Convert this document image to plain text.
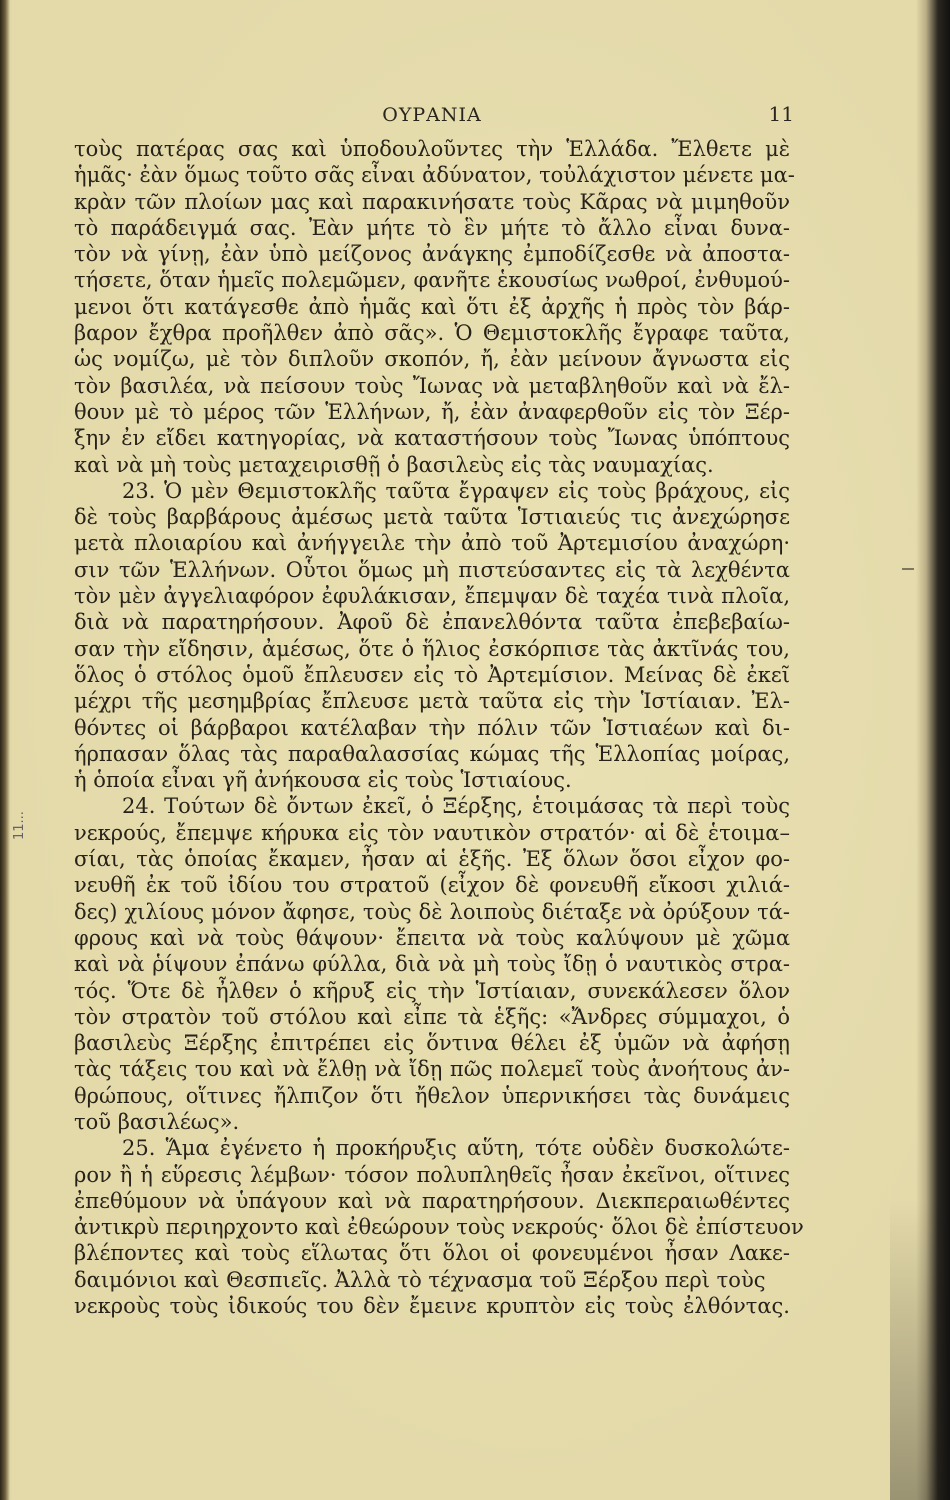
ΟΥΡΑΝΙΑ	11
τοὺς πατέρας σας καὶ ὑποδουλοῦντες τὴν Ἑλλάδα. Ἔλθετε μὲ
ἡμᾶς· ἐὰν ὅμως τοῦτο σᾶς εἶναι ἀδύνατον, τοὐλάχιστον μένετε μα-
κρὰν τῶν πλοίων μας καὶ παρακινήσατε τοὺς Κᾶρας νὰ μιμηθοῦν
τὸ παράδειγμά σας. Ἐὰν μήτε τὸ ἓν μήτε τὸ ἄλλο εἶναι δυνα-
τὸν νὰ γίνῃ, ἐὰν ὑπὸ μείζονος ἀνάγκης ἐμποδίζεσθε νὰ ἀποστα-
τήσετε, ὅταν ἡμεῖς πολεμῶμεν, φανῆτε ἑκουσίως νωθροί, ἐνθυμού-
μενοι ὅτι κατάγεσθε ἀπὸ ἡμᾶς καὶ ὅτι ἐξ ἀρχῆς ἡ πρὸς τὸν βάρ-
βαρον ἔχθρα προῆλθεν ἀπὸ σᾶς». Ὁ Θεμιστοκλῆς ἔγραφε ταῦτα,
ὡς νομίζω, μὲ τὸν διπλοῦν σκοπόν, ἤ, ἐὰν μείνουν ἄγνωστα εἰς
τὸν βασιλέα, νὰ πείσουν τοὺς Ἴωνας νὰ μεταβληθοῦν καὶ νὰ ἔλ-
θουν μὲ τὸ μέρος τῶν Ἑλλήνων, ἤ, ἐὰν ἀναφερθοῦν εἰς τὸν Ξέρ-
ξην ἐν εἴδει κατηγορίας, νὰ καταστήσουν τοὺς Ἴωνας ὑπόπτους
καὶ νὰ μὴ τοὺς μεταχειρισθῇ ὁ βασιλεὺς εἰς τὰς ναυμαχίας.
23. Ὁ μὲν Θεμιστοκλῆς ταῦτα ἔγραψεν εἰς τοὺς βράχους, εἰς
δὲ τοὺς βαρβάρους ἀμέσως μετὰ ταῦτα Ἱστιαιεύς τις ἀνεχώρησε
μετὰ πλοιαρίου καὶ ἀνήγγειλε τὴν ἀπὸ τοῦ Ἀρτεμισίου ἀναχώρη·
σιν τῶν Ἑλλήνων. Οὗτοι ὅμως μὴ πιστεύσαντες εἰς τὰ λεχθέντα
τὸν μὲν ἀγγελιαφόρον ἐφυλάκισαν, ἔπεμψαν δὲ ταχέα τινὰ πλοῖα,
διὰ νὰ παρατηρήσουν. Ἀφοῦ δὲ ἐπανελθόντα ταῦτα ἐπεβεβαίω-
σαν τὴν εἴδησιν, ἀμέσως, ὅτε ὁ ἥλιος ἐσκόρπισε τὰς ἀκτῖνάς του,
ὅλος ὁ στόλος ὁμοῦ ἔπλευσεν εἰς τὸ Ἀρτεμίσιον. Μείνας δὲ ἐκεῖ
μέχρι τῆς μεσημβρίας ἔπλευσε μετὰ ταῦτα εἰς τὴν Ἱστίαιαν. Ἐλ-
θόντες οἱ βάρβαροι κατέλαβαν τὴν πόλιν τῶν Ἱστιαέων καὶ δι-
ήρπασαν ὅλας τὰς παραθαλασσίας κώμας τῆς Ἑλλοπίας μοίρας,
ἡ ὁποία εἶναι γῆ ἀνήκουσα εἰς τοὺς Ἱστιαίους.
24. Τούτων δὲ ὄντων ἐκεῖ, ὁ Ξέρξης, ἑτοιμάσας τὰ περὶ τοὺς
νεκρούς, ἔπεμψε κήρυκα εἰς τὸν ναυτικὸν στρατόν· αἱ δὲ ἑτοιμα–
σίαι, τὰς ὁποίας ἔκαμεν, ἦσαν αἱ ἑξῆς. Ἐξ ὅλων ὅσοι εἶχον φο-
νευθῆ ἐκ τοῦ ἰδίου του στρατοῦ (εἶχον δὲ φονευθῆ εἴκοσι χιλιά-
δες) χιλίους μόνον ἄφησε, τοὺς δὲ λοιποὺς διέταξε νὰ ὀρύξουν τά-
φρους καὶ νὰ τοὺς θάψουν· ἔπειτα νὰ τοὺς καλύψουν μὲ χῶμα
καὶ νὰ ῥίψουν ἐπάνω φύλλα, διὰ νὰ μὴ τοὺς ἴδῃ ὁ ναυτικὸς στρα-
τός. Ὅτε δὲ ἦλθεν ὁ κῆρυξ εἰς τὴν Ἱστίαιαν, συνεκάλεσεν ὅλον
τὸν στρατὸν τοῦ στόλου καὶ εἶπε τὰ ἑξῆς: «Ἄνδρες σύμμαχοι, ὁ
βασιλεὺς Ξέρξης ἐπιτρέπει εἰς ὅντινα θέλει ἐξ ὑμῶν νὰ ἀφήσῃ
τὰς τάξεις του καὶ νὰ ἔλθῃ νὰ ἴδῃ πῶς πολεμεῖ τοὺς ἀνοήτους ἀν-
θρώπους, οἵτινες ἤλπιζον ὅτι ἤθελον ὑπερνικήσει τὰς δυνάμεις
τοῦ βασιλέως».
25. Ἅμα ἐγένετο ἡ προκήρυξις αὕτη, τότε οὐδὲν δυσκολώτε-
ρον ἢ ἡ εὕρεσις λέμβων· τόσον πολυπληθεῖς ἦσαν ἐκεῖνοι, οἵτινες
ἐπεθύμουν νὰ ὑπάγουν καὶ νὰ παρατηρήσουν. Διεκπεραιωθέντες
ἀντικρὺ περιηρχοντο καὶ ἐθεώρουν τοὺς νεκρούς· ὅλοι δὲ ἐπίστευον
βλέποντες καὶ τοὺς εἵλωτας ὅτι ὅλοι οἱ φονευμένοι ἦσαν Λακε-
δαιμόνιοι καὶ Θεσπιεῖς. Ἀλλὰ τὸ τέχνασμα τοῦ Ξέρξου περὶ τοὺς
νεκροὺς τοὺς ἰδικούς του δὲν ἔμεινε κρυπτὸν εἰς τοὺς ἐλθόντας.
11...
